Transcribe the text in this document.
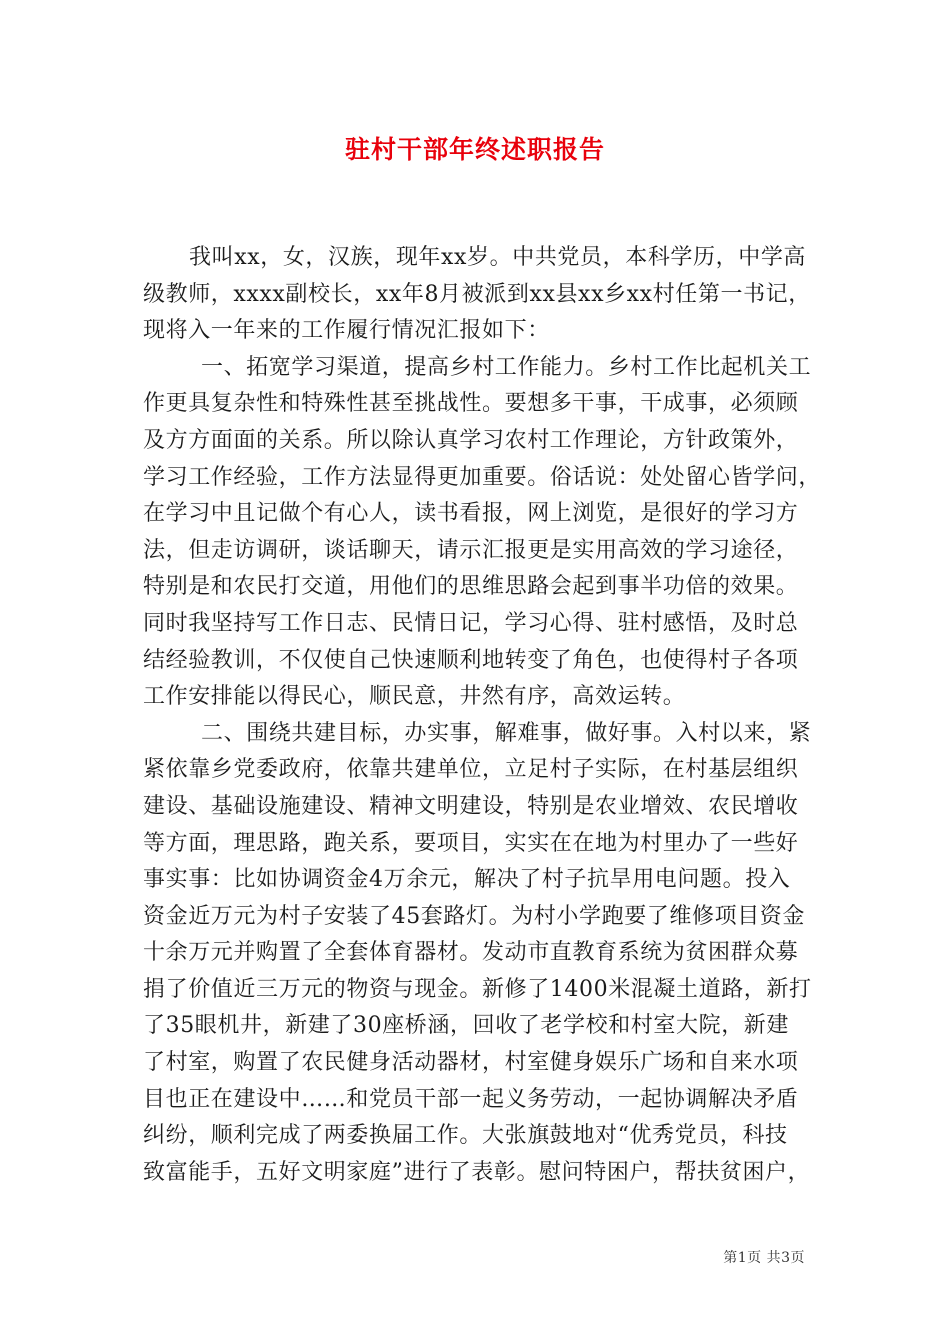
驻村干部年终述职报告

我叫xx，女，汉族，现年xx岁。中共党员，本科学历，中学高
级教师，xxxx副校长，xx年8月被派到xx县xx乡xx村任第一书记，
现将入一年来的工作履行情况汇报如下：

一、拓宽学习渠道，提高乡村工作能力。乡村工作比起机关工
作更具复杂性和特殊性甚至挑战性。要想多干事，干成事，必须顾
及方方面面的关系。所以除认真学习农村工作理论，方针政策外，
学习工作经验，工作方法显得更加重要。俗话说：处处留心皆学问，
在学习中且记做个有心人，读书看报，网上浏览，是很好的学习方
法，但走访调研，谈话聊天，请示汇报更是实用高效的学习途径，
特别是和农民打交道，用他们的思维思路会起到事半功倍的效果。
同时我坚持写工作日志、民情日记，学习心得、驻村感悟，及时总
结经验教训，不仅使自己快速顺利地转变了角色，也使得村子各项
工作安排能以得民心，顺民意，井然有序，高效运转。

二、围绕共建目标，办实事，解难事，做好事。入村以来，紧
紧依靠乡党委政府，依靠共建单位，立足村子实际，在村基层组织
建设、基础设施建设、精神文明建设，特别是农业增效、农民增收
等方面，理思路，跑关系，要项目，实实在在地为村里办了一些好
事实事：比如协调资金4万余元，解决了村子抗旱用电问题。投入
资金近万元为村子安装了45套路灯。为村小学跑要了维修项目资金
十余万元并购置了全套体育器材。发动市直教育系统为贫困群众募
捐了价值近三万元的物资与现金。新修了1400米混凝土道路，新打
了35眼机井，新建了30座桥涵，回收了老学校和村室大院，新建
了村室，购置了农民健身活动器材，村室健身娱乐广场和自来水项
目也正在建设中……和党员干部一起义务劳动，一起协调解决矛盾
纠纷，顺利完成了两委换届工作。大张旗鼓地对“优秀党员，科技
致富能手，五好文明家庭”进行了表彰。慰问特困户，帮扶贫困户，

第1页 共3页
